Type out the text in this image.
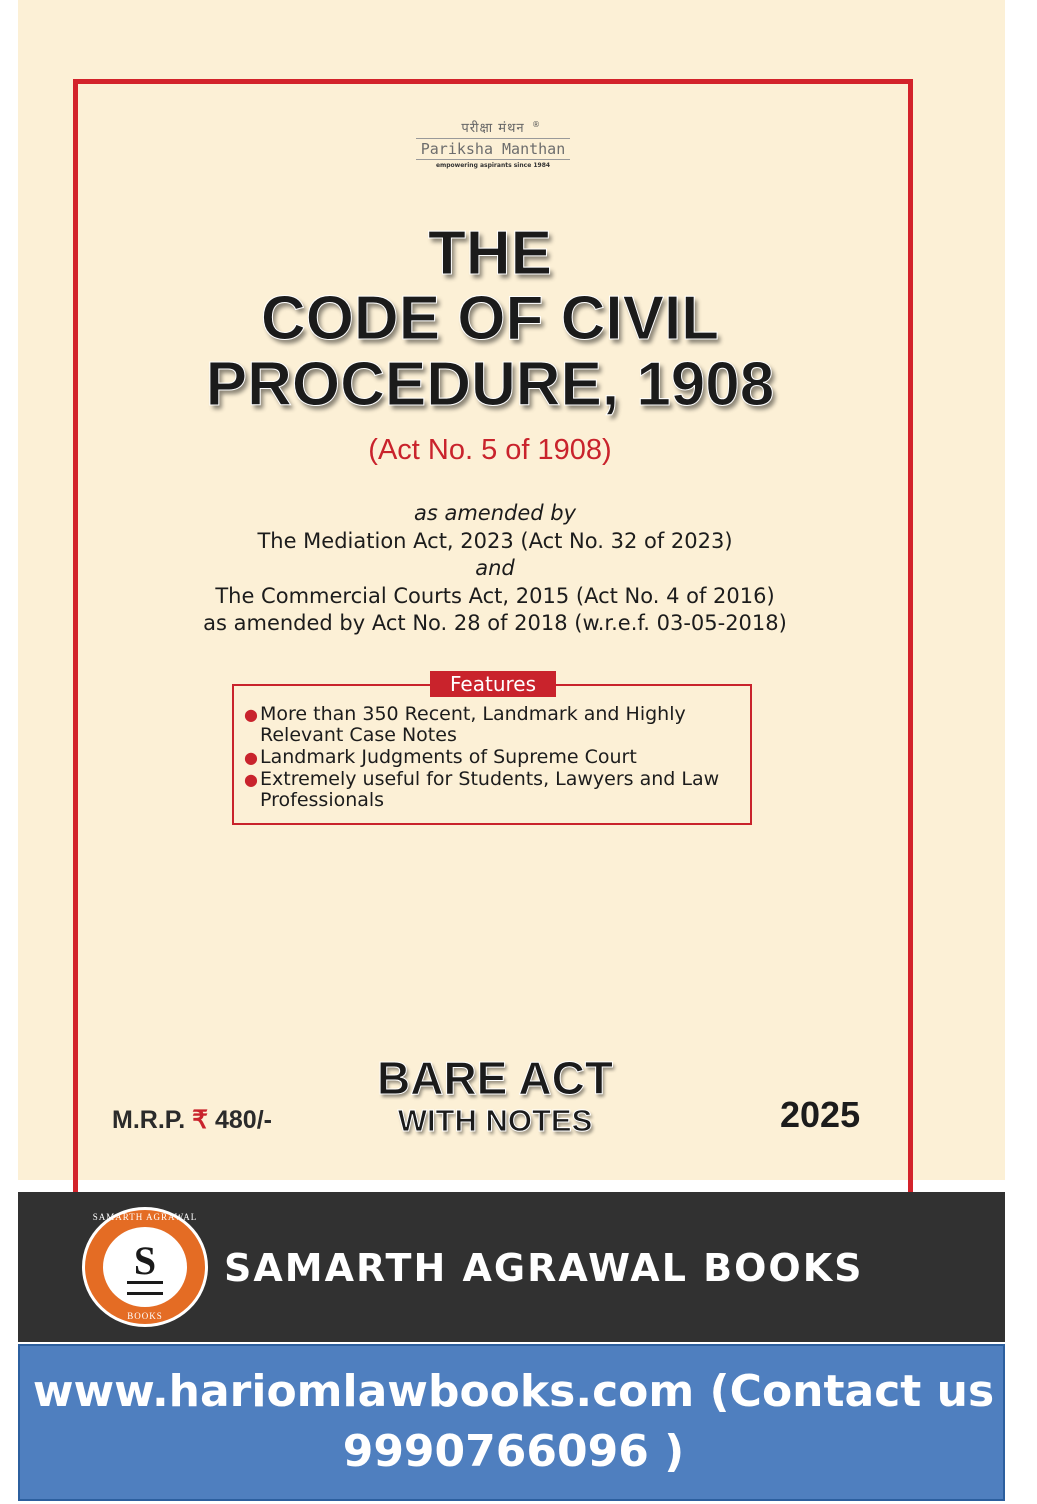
परीक्षा मंथन ®
Pariksha Manthan
empowering aspirants since 1984
THE
CODE OF CIVIL
PROCEDURE, 1908
(Act No. 5 of 1908)
as amended by
The Mediation Act, 2023 (Act No. 32 of 2023)
and
The Commercial Courts Act, 2015 (Act No. 4 of 2016)
as amended by Act No. 28 of 2018 (w.r.e.f. 03-05-2018)
Features
● More than 350 Recent, Landmark and Highly Relevant Case Notes
● Landmark Judgments of Supreme Court
● Extremely useful for Students, Lawyers and Law Professionals
M.R.P. ₹ 480/-
BARE ACT
WITH NOTES	2025
SAMARTH AGRAWAL
S
BOOKS
SAMARTH AGRAWAL BOOKS
www.hariomlawbooks.com (Contact us 9990766096 )
